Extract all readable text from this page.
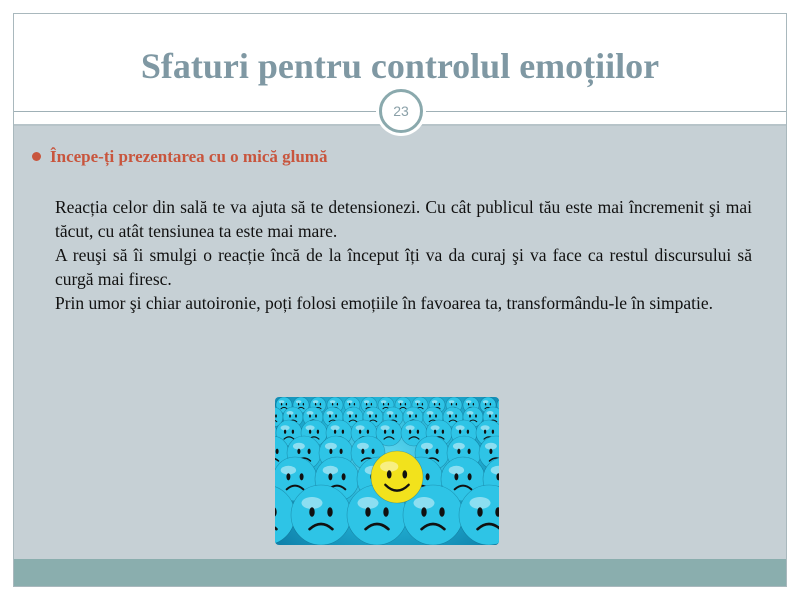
Sfaturi pentru controlul emoțiilor
23
Începe-ți prezentarea cu o mică glumă

Reacția celor din sală te va ajuta să te detensionezi. Cu cât publicul tău este mai încremenit şi mai tăcut, cu atât tensiunea ta este mai mare.

A reuşi să îi smulgi o reacție încă de la început îți va da curaj şi va face ca restul discursului să curgă mai firesc.

Prin umor şi chiar autoironie, poți folosi emoțiile în favoarea ta, transformându-le în simpatie.
